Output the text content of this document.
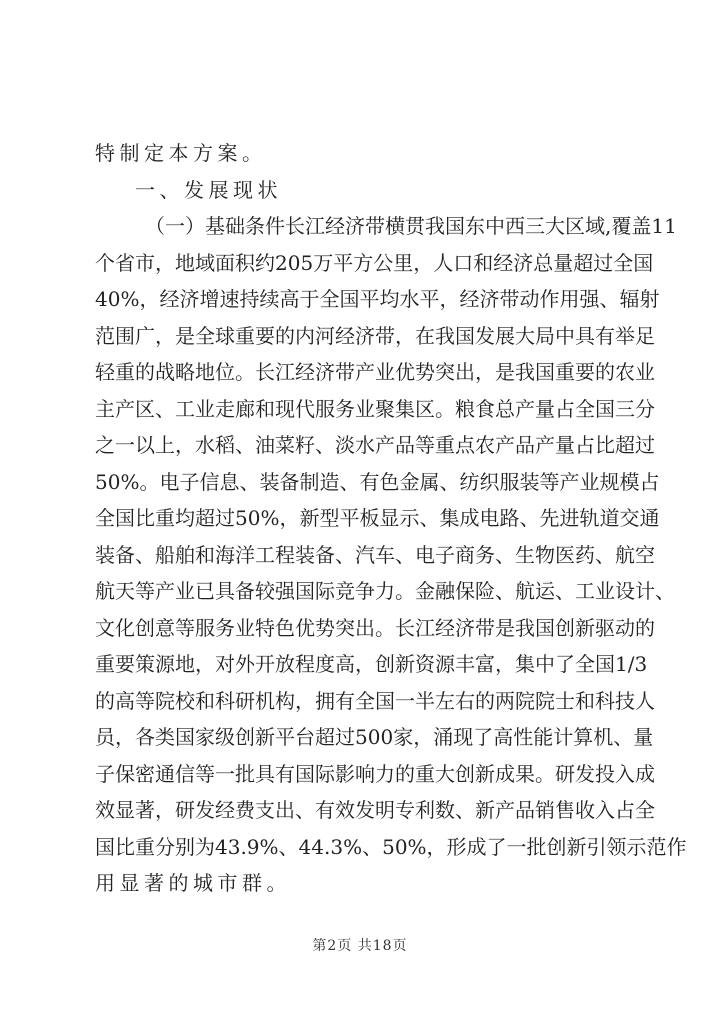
特制定本方案。
一、发展现状
（ 一 ） 基 础 条 件 长 江 经 济 带 横 贯 我 国 东 中 西 三 大 区 域 , 覆 盖 11
个 省 市 ， 地 域 面 积 约 205 万 平 方 公 里 ， 人 口 和 经 济 总 量 超 过 全 国
40% ， 经 济 增 速 持 续 高 于 全 国 平 均 水 平 ， 经 济 带 动 作 用 强 、 辐 射
范 围 广 ， 是 全 球 重 要 的 内 河 经 济 带 ， 在 我 国 发 展 大 局 中 具 有 举 足
轻 重 的 战 略 地 位 。 长 江 经 济 带 产 业 优 势 突 出 ， 是 我 国 重 要 的 农 业
主 产 区 、 工 业 走 廊 和 现 代 服 务 业 聚 集 区 。 粮 食 总 产 量 占 全 国 三 分
之 一 以 上 ， 水 稻 、 油 菜 籽 、 淡 水 产 品 等 重 点 农 产 品 产 量 占 比 超 过
50% 。 电 子 信 息 、 装 备 制 造 、 有 色 金 属 、 纺 织 服 装 等 产 业 规 模 占
全 国 比 重 均 超 过 50% ， 新 型 平 板 显 示 、 集 成 电 路 、 先 进 轨 道 交 通
装 备 、 船 舶 和 海 洋 工 程 装 备 、 汽 车 、 电 子 商 务 、 生 物 医 药 、 航 空
航 天 等 产 业 已 具 备 较 强 国 际 竞 争 力 。 金 融 保 险 、 航 运 、 工 业 设 计 、
文 化 创 意 等 服 务 业 特 色 优 势 突 出 。 长 江 经 济 带 是 我 国 创 新 驱 动 的
重 要 策 源 地 ， 对 外 开 放 程 度 高 ， 创 新 资 源 丰 富 ， 集 中 了 全 国 1/3
的 高 等 院 校 和 科 研 机 构 ， 拥 有 全 国 一 半 左 右 的 两 院 院 士 和 科 技 人
员 ， 各 类 国 家 级 创 新 平 台 超 过 500 家 ， 涌 现 了 高 性 能 计 算 机 、 量
子 保 密 通 信 等 一 批 具 有 国 际 影 响 力 的 重 大 创 新 成 果 。 研 发 投 入 成
效 显 著 ， 研 发 经 费 支 出 、 有 效 发 明 专 利 数 、 新 产 品 销 售 收 入 占 全
国 比 重 分 别 为 43.9% 、 44.3% 、 50% ， 形 成 了 一 批 创 新 引 领 示 范 作
用显著的城市群。
第2页 共18页
